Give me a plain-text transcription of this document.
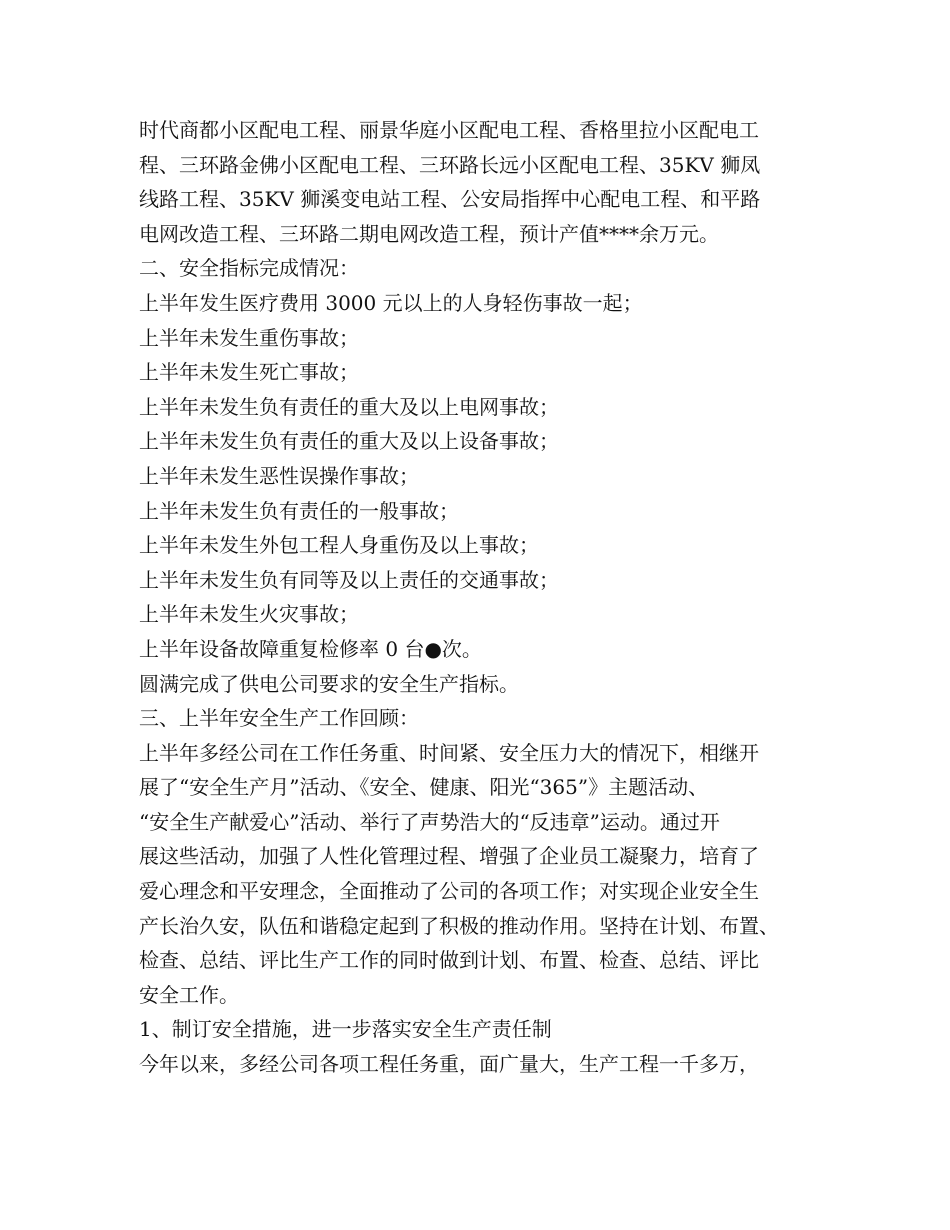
时代商都小区配电工程、丽景华庭小区配电工程、香格里拉小区配电工
程、三环路金佛小区配电工程、三环路长远小区配电工程、35KV 狮凤
线路工程、35KV 狮溪变电站工程、公安局指挥中心配电工程、和平路
电网改造工程、三环路二期电网改造工程，预计产值****余万元。
二、安全指标完成情况：
上半年发生医疗费用 3000 元以上的人身轻伤事故一起；
上半年未发生重伤事故；
上半年未发生死亡事故；
上半年未发生负有责任的重大及以上电网事故；
上半年未发生负有责任的重大及以上设备事故；
上半年未发生恶性误操作事故；
上半年未发生负有责任的一般事故；
上半年未发生外包工程人身重伤及以上事故；
上半年未发生负有同等及以上责任的交通事故；
上半年未发生火灾事故；
上半年设备故障重复检修率 0 台●次。
圆满完成了供电公司要求的安全生产指标。
三、上半年安全生产工作回顾：
上半年多经公司在工作任务重、时间紧、安全压力大的情况下，相继开
展了“安全生产月”活动、《安全、健康、阳光“365”》主题活动、
“安全生产献爱心”活动、举行了声势浩大的“反违章”运动。通过开
展这些活动，加强了人性化管理过程、增强了企业员工凝聚力，培育了
爱心理念和平安理念，全面推动了公司的各项工作；对实现企业安全生
产长治久安，队伍和谐稳定起到了积极的推动作用。坚持在计划、布置、
检查、总结、评比生产工作的同时做到计划、布置、检查、总结、评比
安全工作。
1、制订安全措施，进一步落实安全生产责任制
今年以来，多经公司各项工程任务重，面广量大，生产工程一千多万，
